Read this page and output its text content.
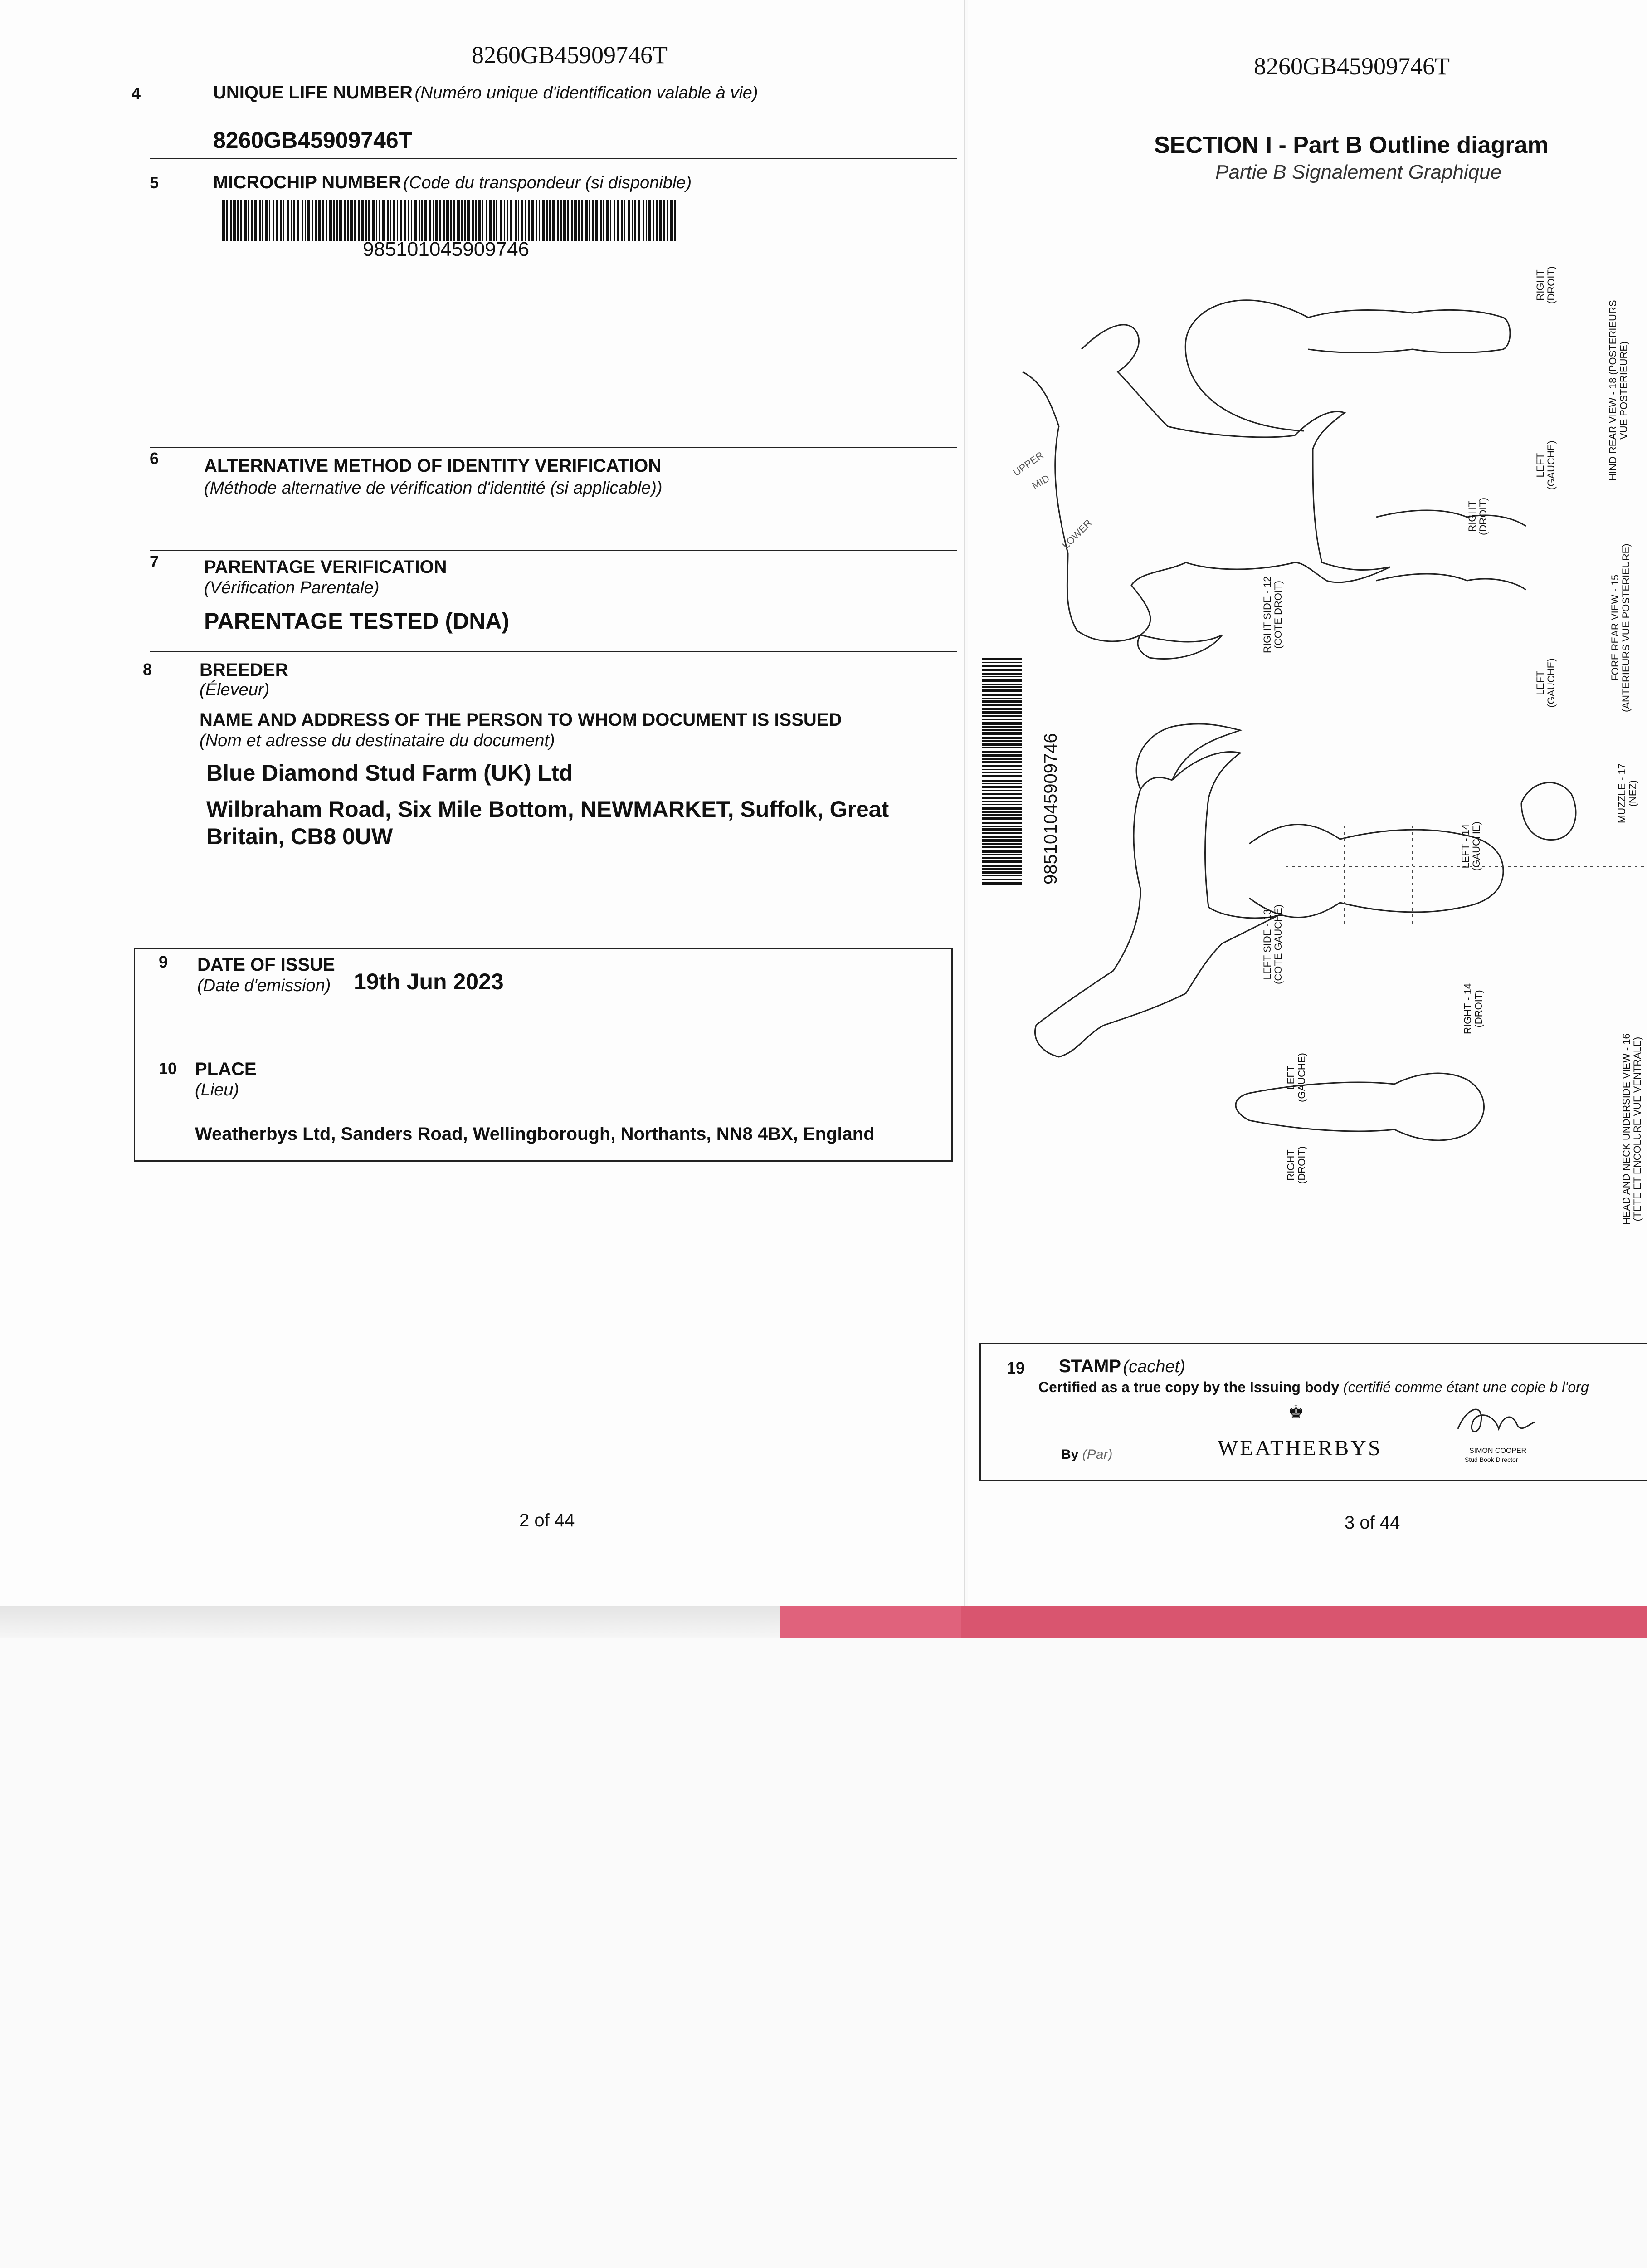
8260GB45909746T
4	UNIQUE LIFE NUMBER (Numéro unique d'identification valable à vie)
8260GB45909746T
5	MICROCHIP NUMBER (Code du transpondeur (si disponible)
985101045909746
6 ALTERNATIVE METHOD OF IDENTITY VERIFICATION
(Méthode alternative de vérification d'identité (si applicable))
7 PARENTAGE VERIFICATION
(Vérification Parentale)
PARENTAGE TESTED (DNA)
8	BREEDER
(Éleveur)
NAME AND ADDRESS OF THE PERSON TO WHOM DOCUMENT IS ISSUED
(Nom et adresse du destinataire du document)
Blue Diamond Stud Farm (UK) Ltd
Wilbraham Road, Six Mile Bottom, NEWMARKET, Suffolk, Great
Britain, CB8 0UW
9 DATE OF ISSUE
(Date d'emission) 19th Jun 2023
10 PLACE
(Lieu)
Weatherbys Ltd, Sanders Road, Wellingborough, Northants, NN8 4BX, England
2 of 44
8260GB45909746T
SECTION I - Part B Outline diagram
Partie B Signalement Graphique
985101045909746
RIGHT SIDE - 12
(COTE DROIT)
LEFT SIDE - 13
(COTE GAUCHE)
LEFT - 14
(GAUCHE)
RIGHT - 14
(DROIT)
LEFT
(GAUCHE)
RIGHT
(DROIT)
LEFT
(GAUCHE)
RIGHT
(DROIT)
LEFT
(GAUCHE)
RIGHT
(DROIT)
HIND REAR VIEW - 18 (POSTERIEURS
VUE POSTERIEURE)
FORE REAR VIEW - 15
(ANTERIEURS VUE POSTERIEURE)
MUZZLE - 17
(NEZ)
HEAD AND NECK UNDERSIDE VIEW - 16
(TETE ET ENCOLURE VUE VENTRALE)
UPPER
MID
LOWER
19 STAMP (cachet)
Certified as a true copy by the Issuing body (certifié comme étant une copie b l'org
By (Par)
♚
WEATHERBYS	SIMON COOPER
Stud Book Director
3 of 44
